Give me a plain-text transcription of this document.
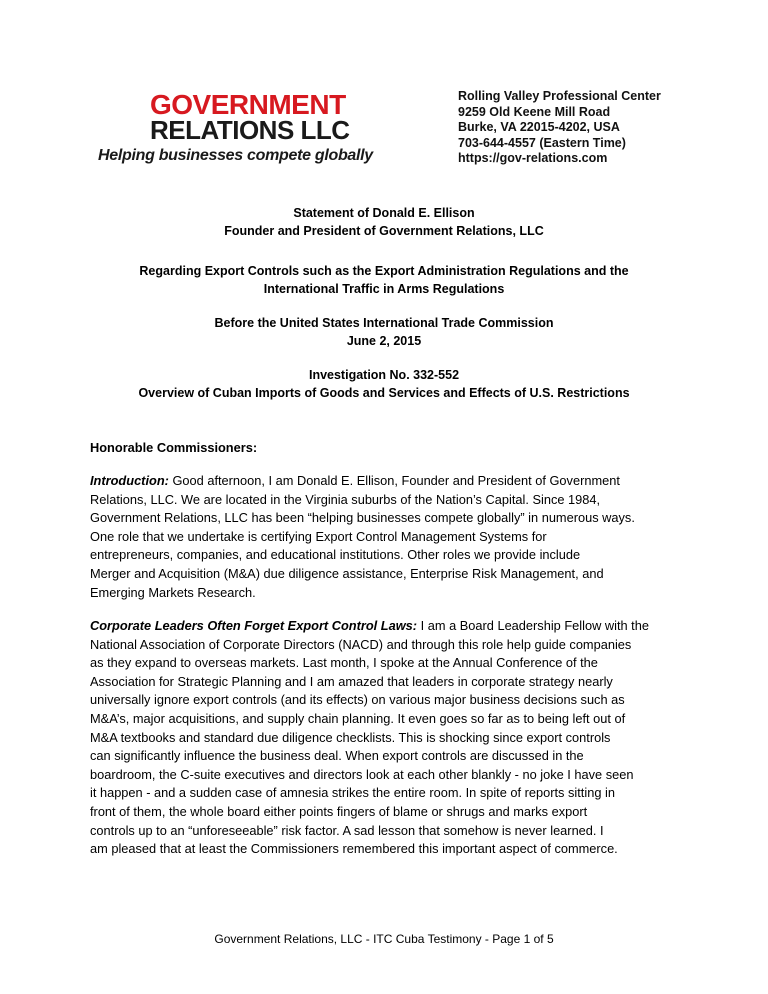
GOVERNMENT
RELATIONS LLC
Helping businesses compete globally
Rolling Valley Professional Center
9259 Old Keene Mill Road
Burke, VA 22015-4202, USA
703-644-4557 (Eastern Time)
https://gov-relations.com
Statement of Donald E. Ellison
Founder and President of Government Relations, LLC
Regarding Export Controls such as the Export Administration Regulations and the
International Traffic in Arms Regulations
Before the United States International Trade Commission
June 2, 2015
Investigation No. 332-552
Overview of Cuban Imports of Goods and Services and Effects of U.S. Restrictions
Honorable Commissioners:
Introduction: Good afternoon, I am Donald E. Ellison, Founder and President of Government
Relations, LLC. We are located in the Virginia suburbs of the Nation’s Capital. Since 1984,
Government Relations, LLC has been “helping businesses compete globally” in numerous ways.
One role that we undertake is certifying Export Control Management Systems for
entrepreneurs, companies, and educational institutions. Other roles we provide include
Merger and Acquisition (M&A) due diligence assistance, Enterprise Risk Management, and
Emerging Markets Research.
Corporate Leaders Often Forget Export Control Laws: I am a Board Leadership Fellow with the
National Association of Corporate Directors (NACD) and through this role help guide companies
as they expand to overseas markets. Last month, I spoke at the Annual Conference of the
Association for Strategic Planning and I am amazed that leaders in corporate strategy nearly
universally ignore export controls (and its effects) on various major business decisions such as
M&A’s, major acquisitions, and supply chain planning. It even goes so far as to being left out of
M&A textbooks and standard due diligence checklists. This is shocking since export controls
can significantly influence the business deal. When export controls are discussed in the
boardroom, the C-suite executives and directors look at each other blankly - no joke I have seen
it happen - and a sudden case of amnesia strikes the entire room. In spite of reports sitting in
front of them, the whole board either points fingers of blame or shrugs and marks export
controls up to an “unforeseeable” risk factor. A sad lesson that somehow is never learned. I
am pleased that at least the Commissioners remembered this important aspect of commerce.
Government Relations, LLC - ITC Cuba Testimony - Page 1 of 5
